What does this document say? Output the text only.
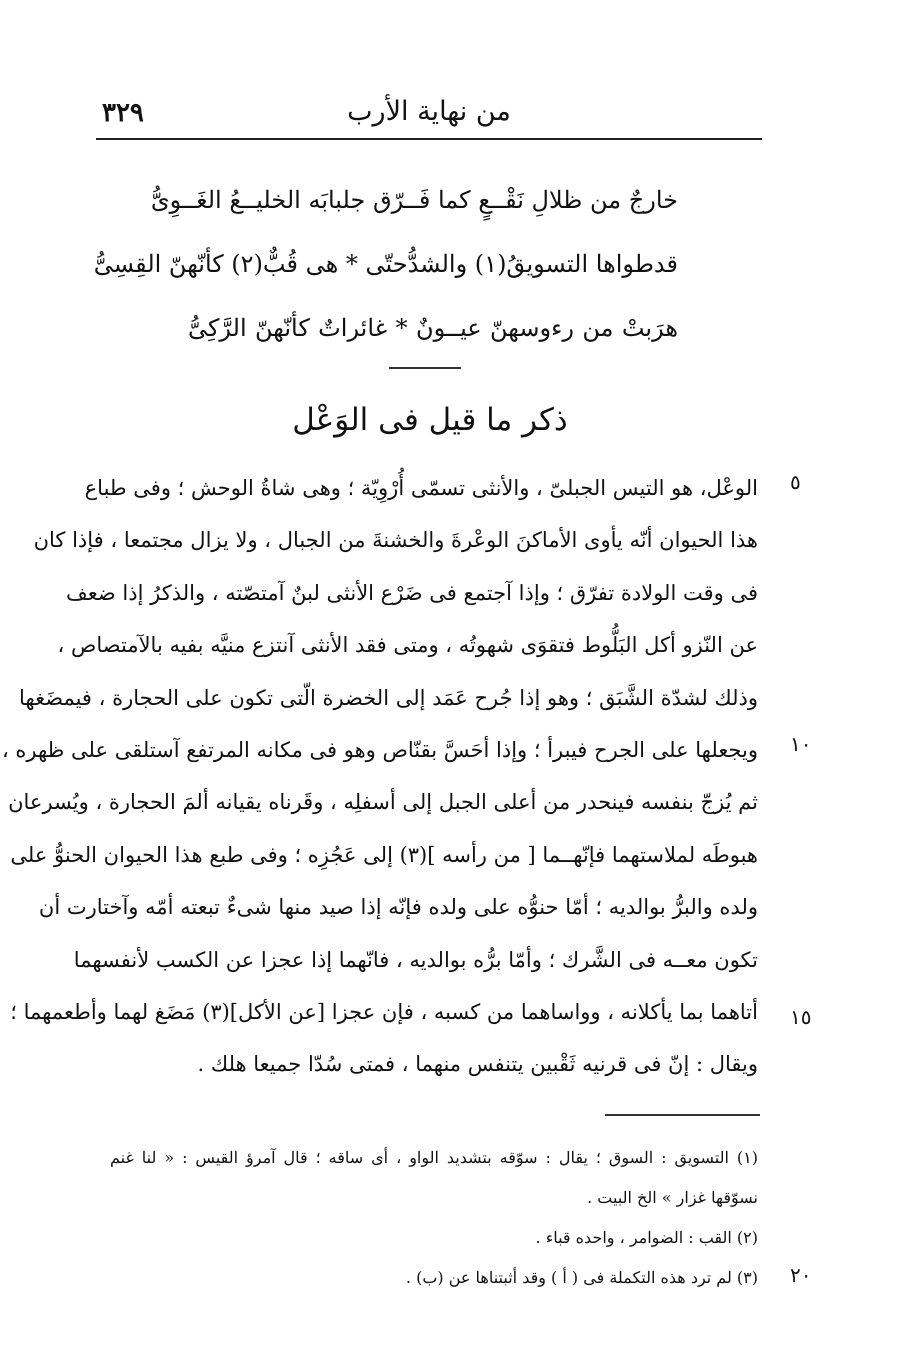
٣٢٩	من نهاية الأرب
خارجٌ من ظلالِ نَقْــعٍ كما فَــرّق جلبابَه الخليــعُ الغَــوِىُّ
قدطواها التسويقُ(١) والشدُّحتّى * هى قُبٌّ(٢) كأنّهنّ القِسِىُّ
هرَبتْ من رءوسهنّ عيــونٌ * غائراتٌ كأنّهنّ الرَّكِىُّ
ذكر ما قيل فى الوَعْل
الوعْل، هو التيس الجبلىّ ، والأنثى تسمّى أُرْوِيّة ؛ وهى شاةُ الوحش ؛ وفى طباع
هذا الحيوان أنّه يأوى الأماكنَ الوعْرةَ والخشنةَ من الجبال ، ولا يزال مجتمعا ، فإذا كان
فى وقت الولادة تفرّق ؛ وإذا آجتمع فى ضَرْع الأنثى لبنٌ آمتصّته ، والذكرُ إذا ضعف
عن النّزو أكل البَلُّوط فتقوَى شهوتُه ، ومتى فقد الأنثى آنتزع منيَّه بفيه بالآمتصاص ،
وذلك لشدّة الشَّبَق ؛ وهو إذا جُرح عَمَد إلى الخضرة الّتى تكون على الحجارة ، فيمضَغها
ويجعلها على الجرح فيبرأ ؛ وإذا أحَسَّ بقنّاص وهو فى مكانه المرتفع آستلقى على ظهره ،
ثم يُزجّ بنفسه فينحدر من أعلى الجبل إلى أسفلِه ، وقَرناه يقيانه ألمَ الحجارة ، ويُسرعان
هبوطَه لملاستهما فإنّهــما [ من رأسه ](٣) إلى عَجُزِه ؛ وفى طبع هذا الحيوان الحنوُّ على
ولده والبرُّ بوالديه ؛ أمّا حنوُّه على ولده فإنّه إذا صيد منها شىءٌ تبعته أمّه وآختارت أن
تكون معــه فى الشَّرك ؛ وأمّا برُّه بوالديه ، فانّهما إذا عجزا عن الكسب لأنفسهما
أتاهما بما يأكلانه ، وواساهما من كسبه ، فإن عجزا [عن الأكل](٣) مَضَغ لهما وأطعمهما ؛
ويقال : إنّ فى قرنيه ثَقْبين يتنفس منهما ، فمتى سُدّا جميعا هلك .
٥
١٠
١٥
٢٠
(١) التسويق : السوق ؛ يقال : سوّقه بتشديد الواو ، أى ساقه ؛ قال آمرؤ القيس : « لنا غنم
نسوّقها غزار » الخ البيت .
(٢) القب : الضوامر ، واحده قباء .
(٣) لم ترد هذه التكملة فى ( أ ) وقد أثبتناها عن (ب) .
